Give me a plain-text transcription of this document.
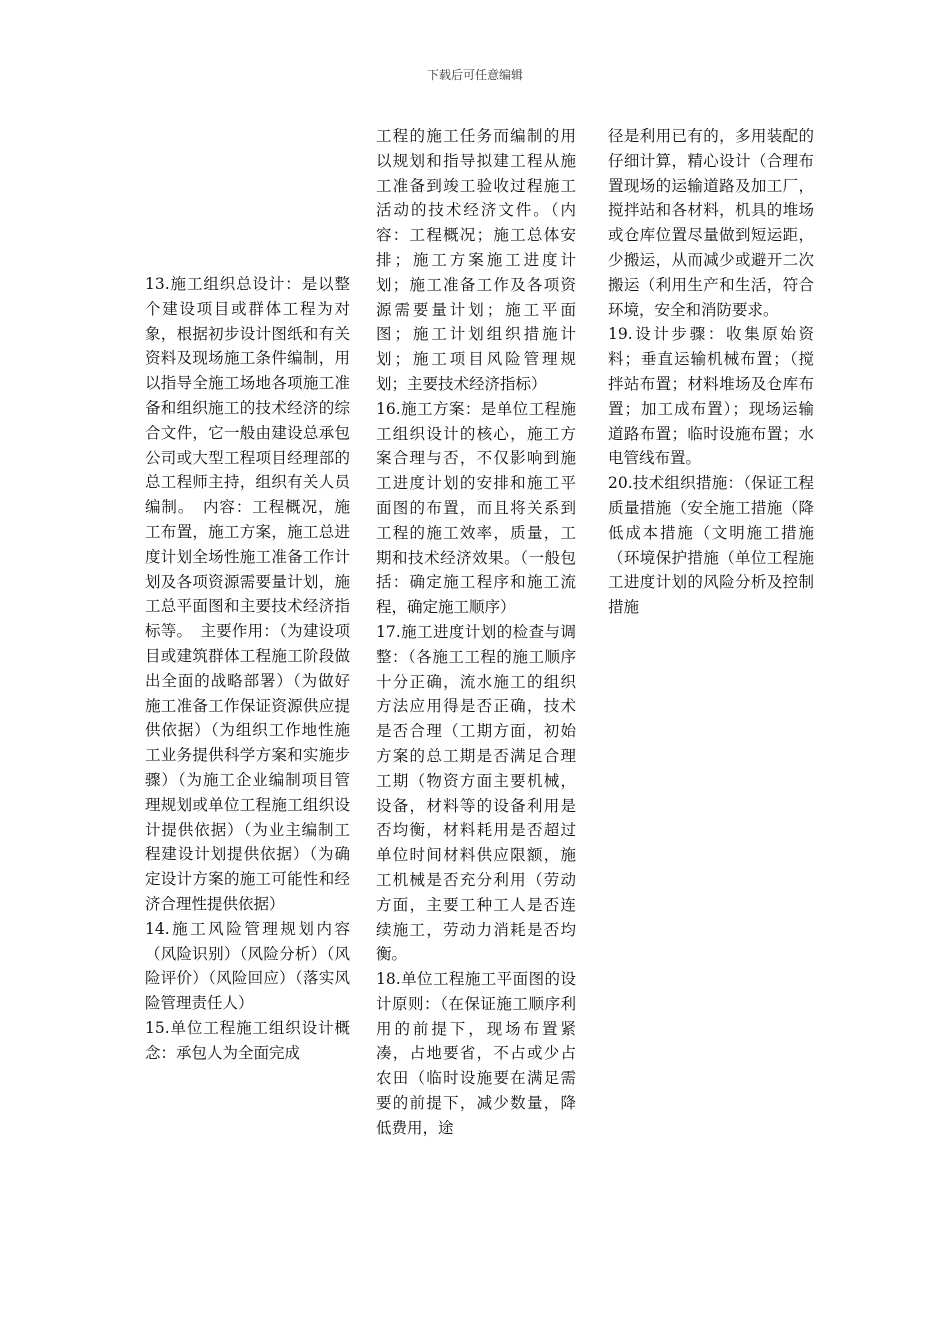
下载后可任意编辑

13.施工组织总设计：是以整个建设项目或群体工程为对象，根据初步设计图纸和有关资料及现场施工条件编制，用以指导全施工场地各项施工准备和组织施工的技术经济的综合文件，它一般由建设总承包公司或大型工程项目经理部的总工程师主持，组织有关人员编制。　内容：工程概况，施工布置，施工方案，施工总进度计划全场性施工准备工作计划及各项资源需要量计划，施工总平面图和主要技术经济指标等。　主要作用：（为建设项目或建筑群体工程施工阶段做出全面的战略部署）（为做好施工准备工作保证资源供应提供依据）（为组织工作地性施工业务提供科学方案和实施步骤）（为施工企业编制项目管理规划或单位工程施工组织设计提供依据）（为业主编制工程建设计划提供依据）（为确定设计方案的施工可能性和经济合理性提供依据）

14.施工风险管理规划内容（风险识别）（风险分析）（风险评价）（风险回应）（落实风险管理责任人）

15.单位工程施工组织设计概念：承包人为全面完成

工程的施工任务而编制的用以规划和指导拟建工程从施工准备到竣工验收过程施工活动的技术经济文件。（内容：工程概况；施工总体安排；施工方案施工进度计划；施工准备工作及各项资源需要量计划；施工平面图；施工计划组织措施计划；施工项目风险管理规划；主要技术经济指标）

16.施工方案：是单位工程施工组织设计的核心，施工方案合理与否，不仅影响到施工进度计划的安排和施工平面图的布置，而且将关系到工程的施工效率，质量，工期和技术经济效果。（一般包括：确定施工程序和施工流程，确定施工顺序）

17.施工进度计划的检查与调整：（各施工工程的施工顺序十分正确，流水施工的组织方法应用得是否正确，技术是否合理（工期方面，初始方案的总工期是否满足合理工期（物资方面主要机械，设备，材料等的设备利用是否均衡，材料耗用是否超过单位时间材料供应限额，施工机械是否充分利用（劳动方面，主要工种工人是否连续施工，劳动力消耗是否均衡。

18.单位工程施工平面图的设计原则：（在保证施工顺序利用的前提下，现场布置紧凑，占地要省，不占或少占农田（临时设施要在满足需要的前提下，减少数量，降低费用，途

径是利用已有的，多用装配的仔细计算，精心设计（合理布置现场的运输道路及加工厂，搅拌站和各材料，机具的堆场或仓库位置尽量做到短运距，少搬运，从而减少或避开二次搬运（利用生产和生活，符合环境，安全和消防要求。

19.设计步骤：收集原始资料；垂直运输机械布置；（搅拌站布置；材料堆场及仓库布置；加工成布置）；现场运输道路布置；临时设施布置；水电管线布置。

20.技术组织措施：（保证工程质量措施（安全施工措施（降低成本措施（文明施工措施（环境保护措施（单位工程施工进度计划的风险分析及控制措施
